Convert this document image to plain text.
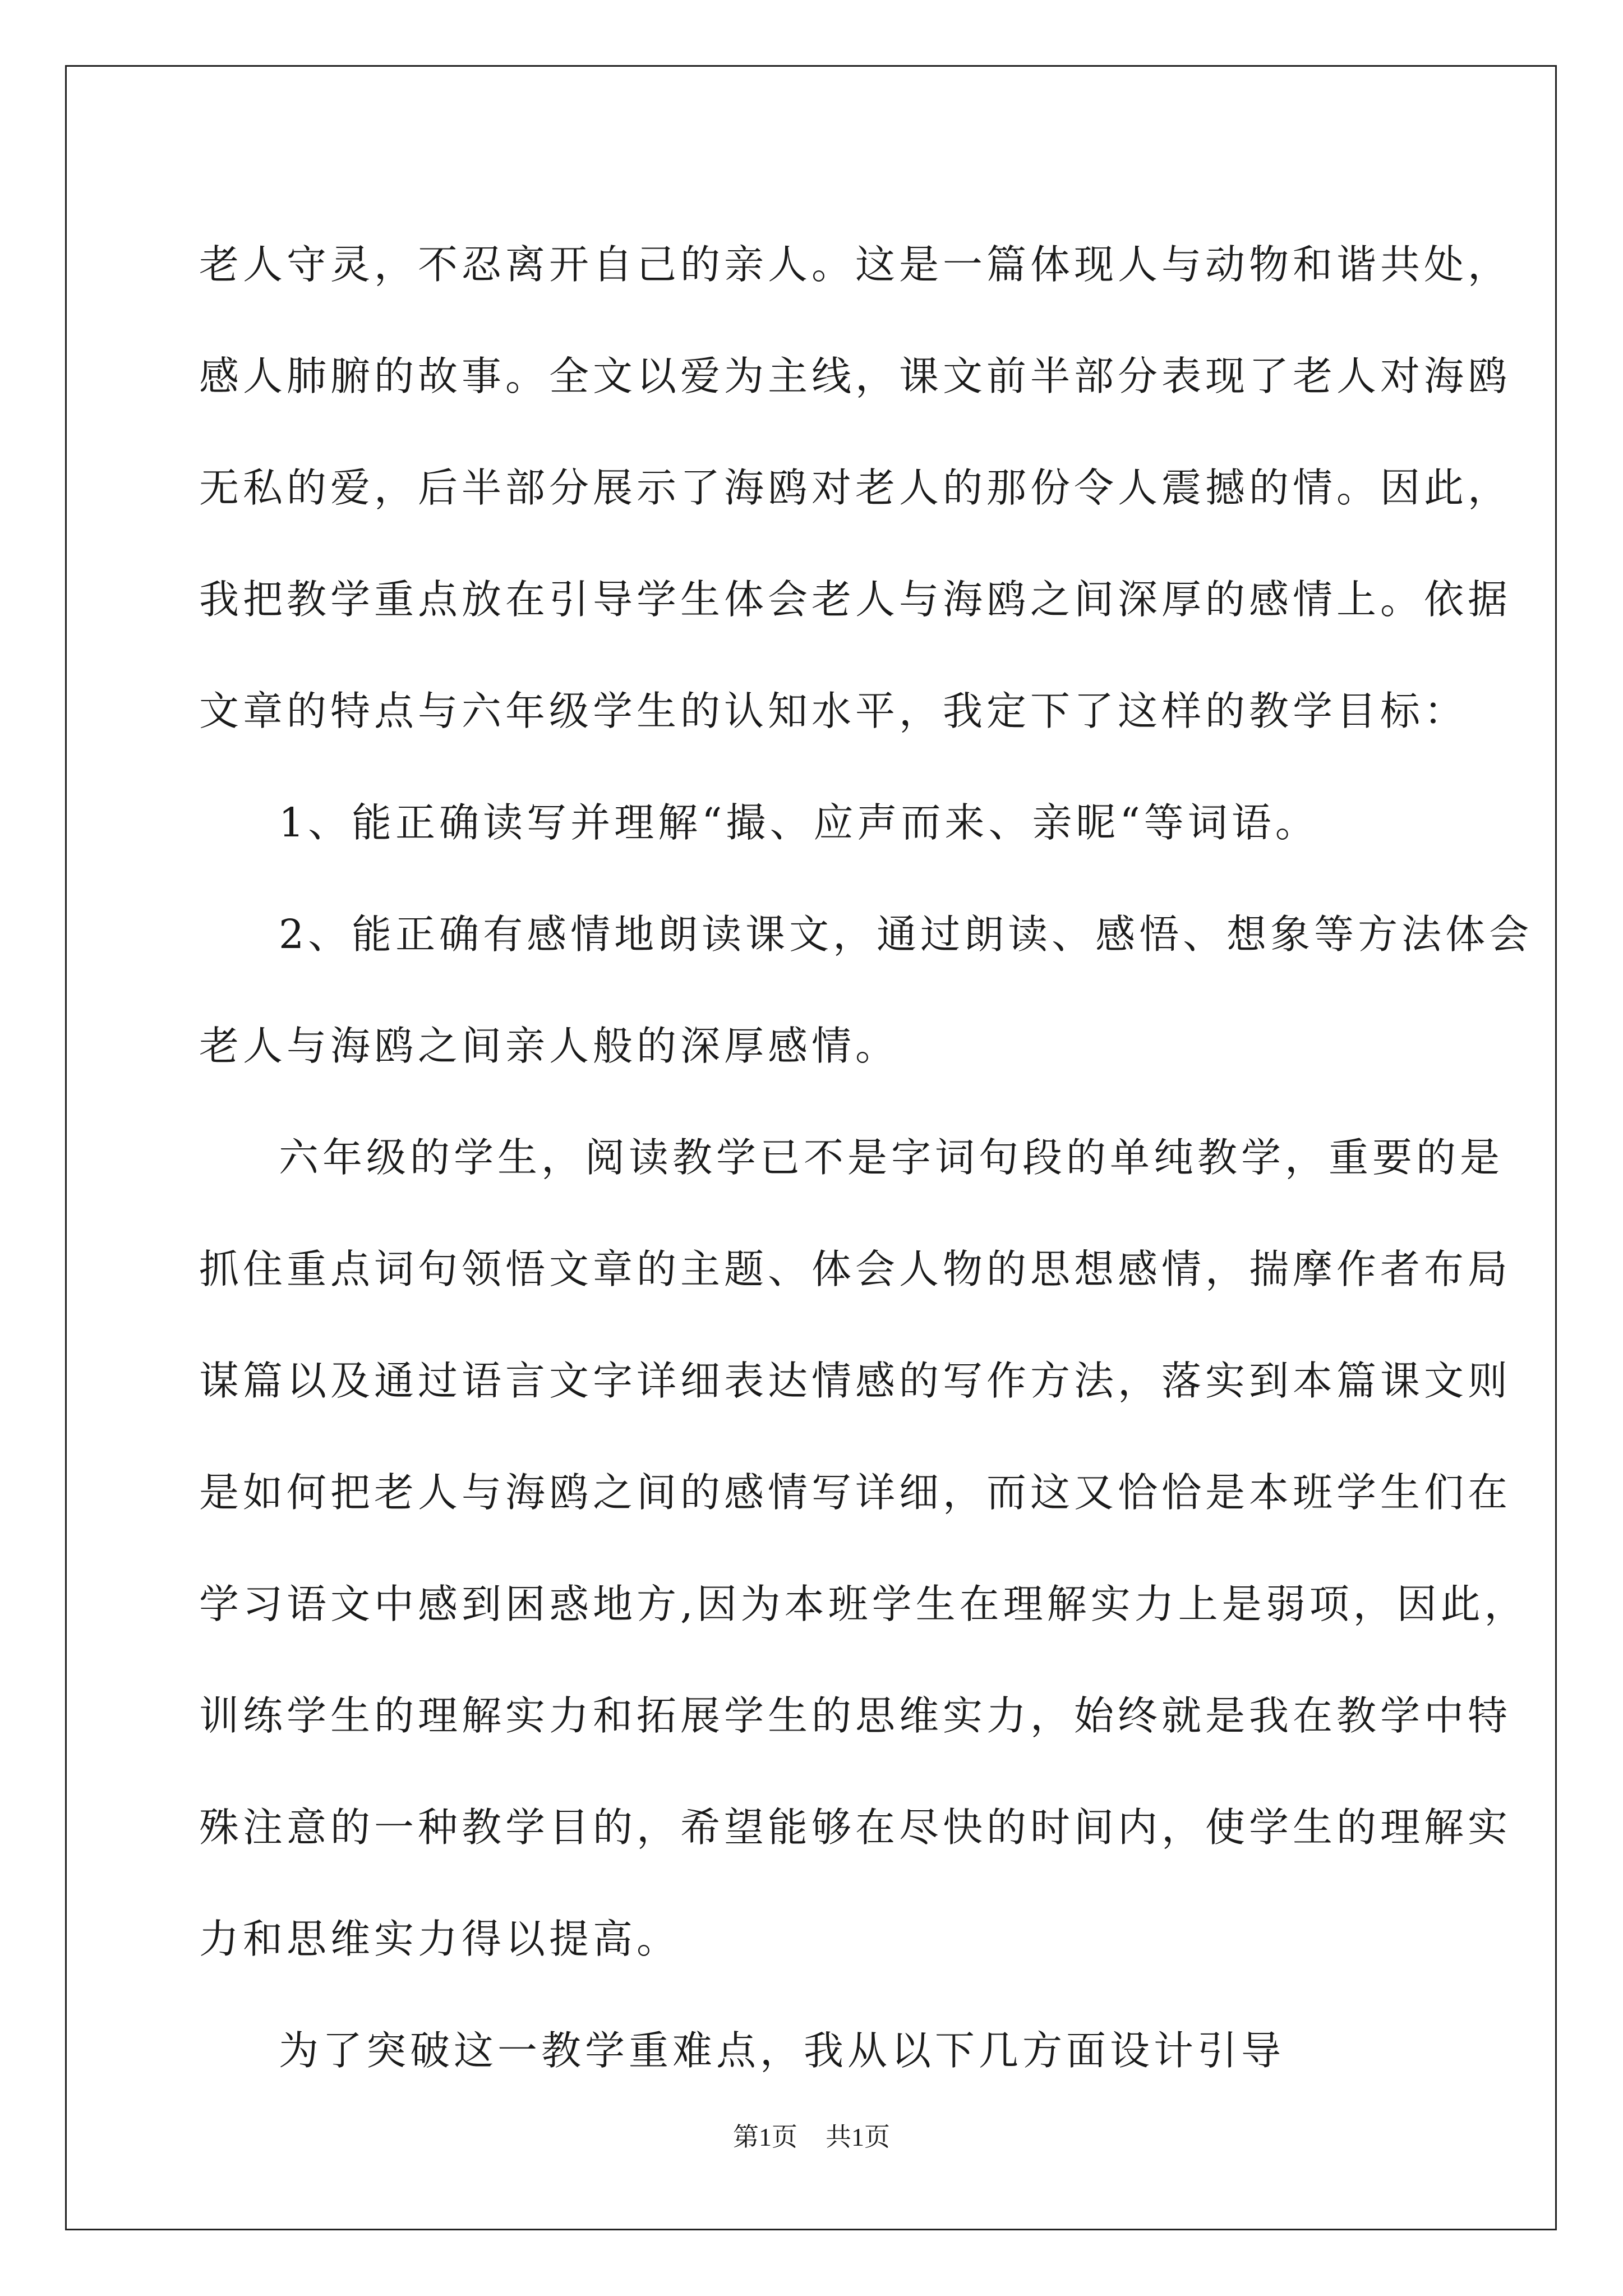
老人守灵，不忍离开自己的亲人。这是一篇体现人与动物和谐共处，
感人肺腑的故事。全文以爱为主线，课文前半部分表现了老人对海鸥
无私的爱，后半部分展示了海鸥对老人的那份令人震撼的情。因此，
我把教学重点放在引导学生体会老人与海鸥之间深厚的感情上。依据
文章的特点与六年级学生的认知水平，我定下了这样的教学目标：

1、能正确读写并理解“撮、应声而来、亲昵“等词语。

2、能正确有感情地朗读课文，通过朗读、感悟、想象等方法体会
老人与海鸥之间亲人般的深厚感情。

六年级的学生，阅读教学已不是字词句段的单纯教学，重要的是
抓住重点词句领悟文章的主题、体会人物的思想感情，揣摩作者布局
谋篇以及通过语言文字详细表达情感的写作方法，落实到本篇课文则
是如何把老人与海鸥之间的感情写详细，而这又恰恰是本班学生们在
学习语文中感到困惑地方,因为本班学生在理解实力上是弱项，因此，
训练学生的理解实力和拓展学生的思维实力，始终就是我在教学中特
殊注意的一种教学目的，希望能够在尽快的时间内，使学生的理解实
力和思维实力得以提高。

为了突破这一教学重难点，我从以下几方面设计引导

第1页 共1页
